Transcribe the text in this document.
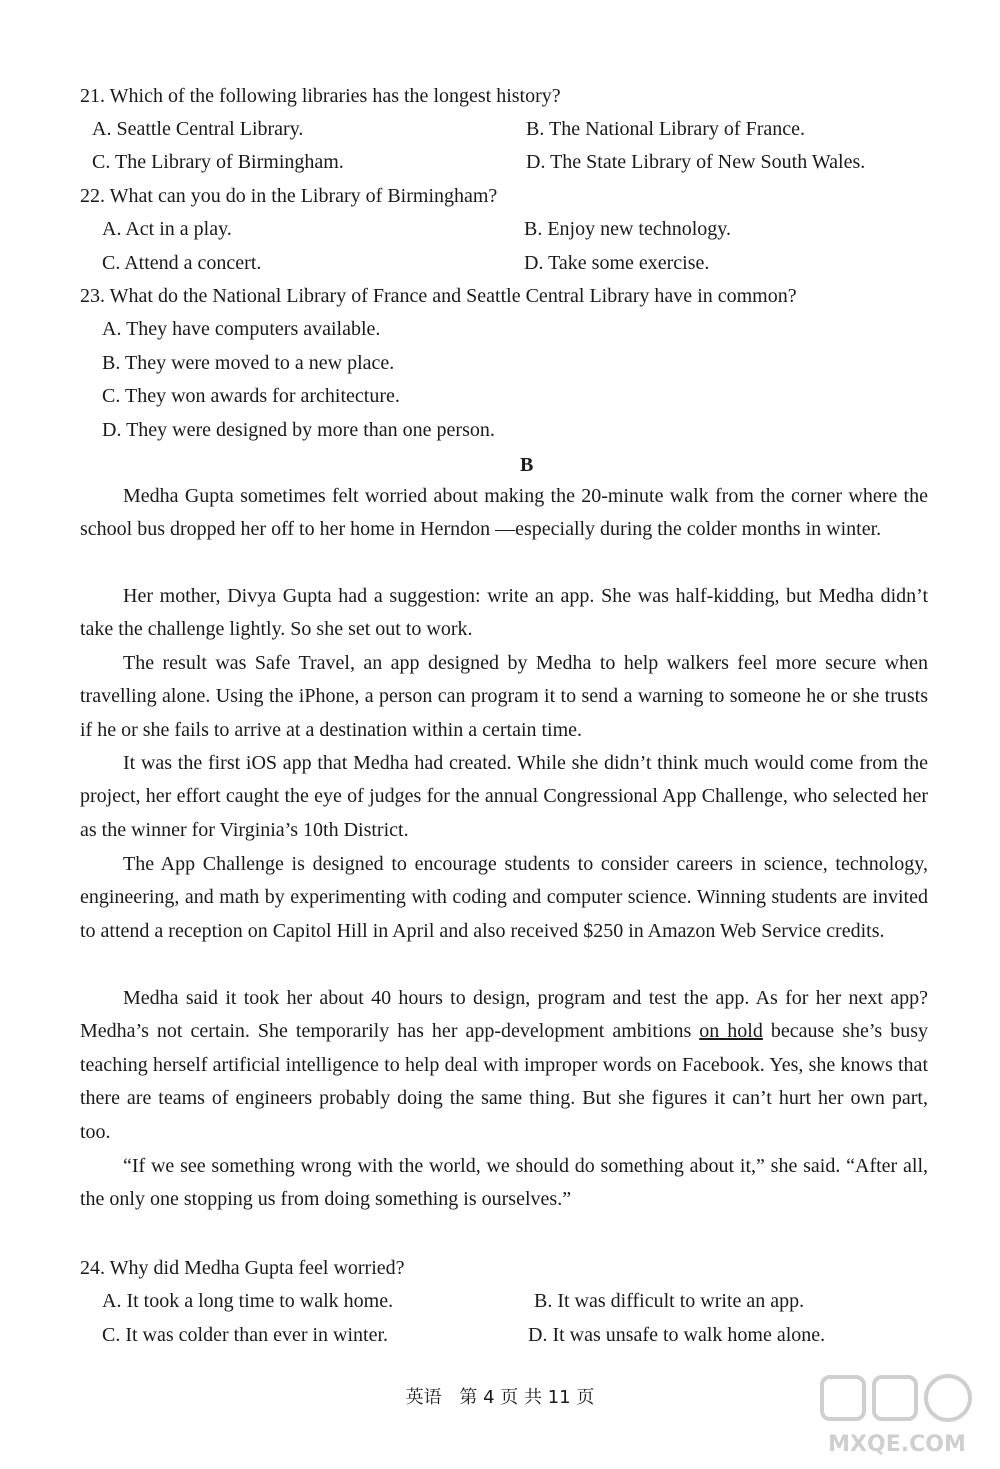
21. Which of the following libraries has the longest history?
A. Seattle Central Library.	B. The National Library of France.
C. The Library of Birmingham.	D. The State Library of New South Wales.
22. What can you do in the Library of Birmingham?
A. Act in a play.	B. Enjoy new technology.
C. Attend a concert.	D. Take some exercise.
23. What do the National Library of France and Seattle Central Library have in common?
A. They have computers available.
B. They were moved to a new place.
C. They won awards for architecture.
D. They were designed by more than one person.
B
Medha Gupta sometimes felt worried about making the 20-minute walk from the corner where the school bus dropped her off to her home in Herndon —especially during the colder months in winter.
Her mother, Divya Gupta had a suggestion: write an app. She was half-kidding, but Medha didn’t take the challenge lightly. So she set out to work.
The result was Safe Travel, an app designed by Medha to help walkers feel more secure when travelling alone. Using the iPhone, a person can program it to send a warning to someone he or she trusts if he or she fails to arrive at a destination within a certain time.
It was the first iOS app that Medha had created. While she didn’t think much would come from the project, her effort caught the eye of judges for the annual Congressional App Challenge, who selected her as the winner for Virginia’s 10th District.
The App Challenge is designed to encourage students to consider careers in science, technology, engineering, and math by experimenting with coding and computer science. Winning students are invited to attend a reception on Capitol Hill in April and also received $250 in Amazon Web Service credits.
Medha said it took her about 40 hours to design, program and test the app. As for her next app? Medha’s not certain. She temporarily has her app-development ambitions on hold because she’s busy teaching herself artificial intelligence to help deal with improper words on Facebook. Yes, she knows that there are teams of engineers probably doing the same thing. But she figures it can’t hurt her own part, too.
“If we see something wrong with the world, we should do something about it,” she said. “After all, the only one stopping us from doing something is ourselves.”
24. Why did Medha Gupta feel worried?
A. It took a long time to walk home.	B. It was difficult to write an app.
C. It was colder than ever in winter.	D. It was unsafe to walk home alone.
英语 第 4 页 共 11 页
MXQE.COM
